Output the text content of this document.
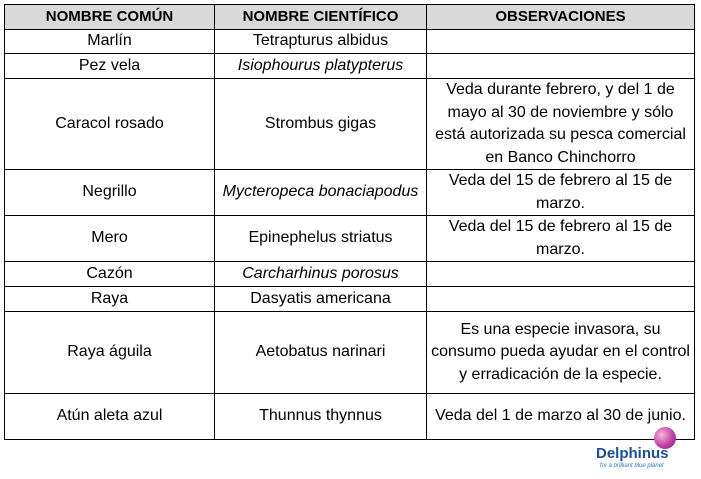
NOMBRE COMÚN	NOMBRE CIENTÍFICO	OBSERVACIONES
Marlín	Tetrapturus albidus	
Pez vela	Isiophourus platypterus	
Caracol rosado	Strombus gigas	Veda durante febrero, y del 1 de mayo al 30 de noviembre y sólo está autorizada su pesca comercial en Banco Chinchorro
Negrillo	Mycteropeca bonaciapodus	Veda del 15 de febrero al 15 de marzo.
Mero	Epinephelus striatus	Veda del 15 de febrero al 15 de marzo.
Cazón	Carcharhinus porosus	
Raya	Dasyatis americana	
Raya águila	Aetobatus narinari	Es una especie invasora, su consumo pueda ayudar en el control y erradicación de la especie.
Atún aleta azul	Thunnus thynnus	Veda del 1 de marzo al 30 de junio.
Delphinus
for a brilliant blue planet
